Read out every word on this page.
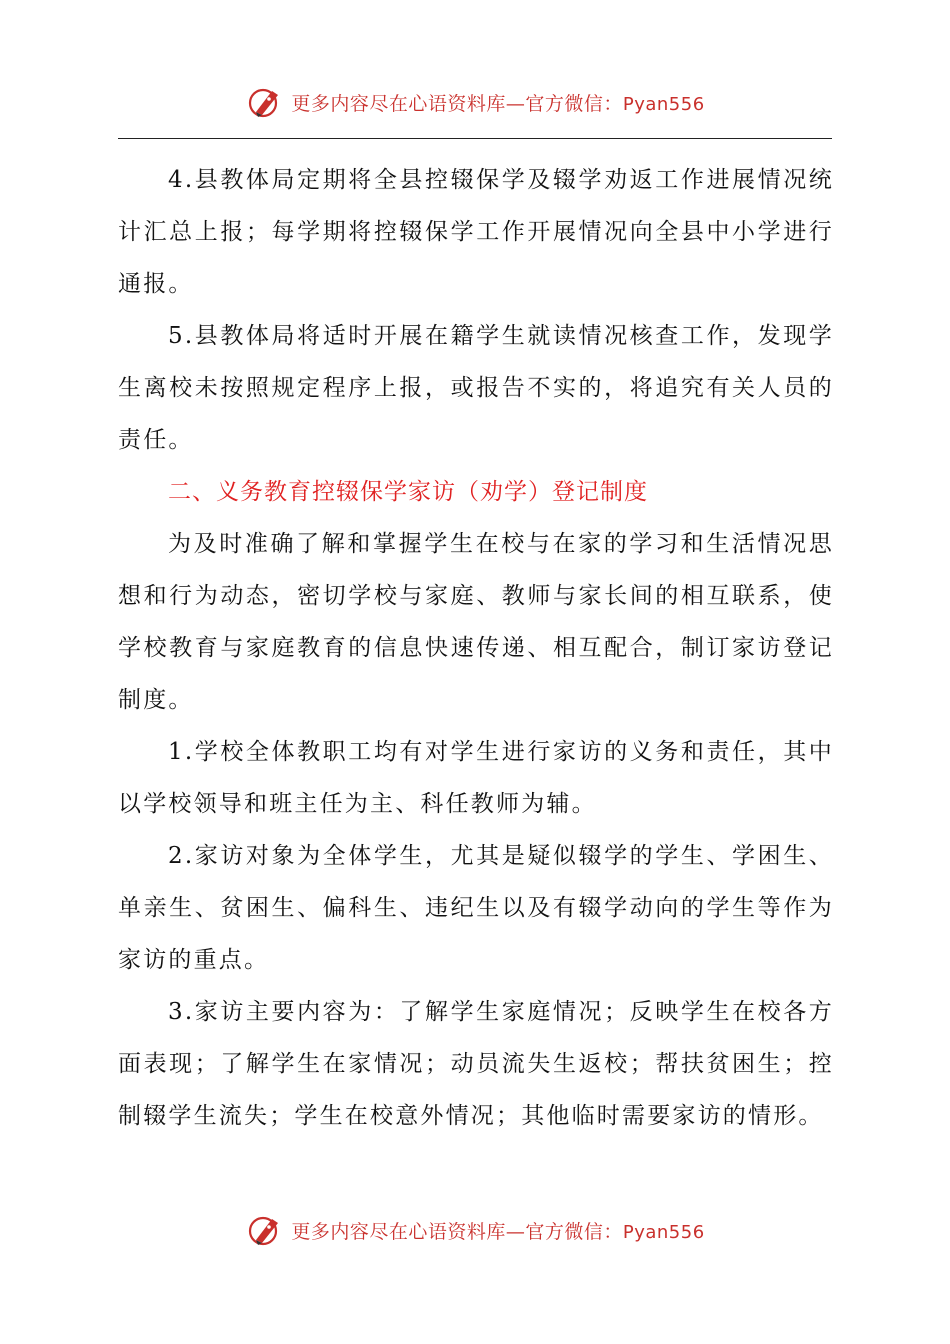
更多内容尽在心语资料库—官方微信：Pyan556

4.县教体局定期将全县控辍保学及辍学劝返工作进展情况统计汇总上报；每学期将控辍保学工作开展情况向全县中小学进行通报。

5.县教体局将适时开展在籍学生就读情况核查工作，发现学生离校未按照规定程序上报，或报告不实的，将追究有关人员的责任。

二、义务教育控辍保学家访（劝学）登记制度

为及时准确了解和掌握学生在校与在家的学习和生活情况思想和行为动态，密切学校与家庭、教师与家长间的相互联系，使学校教育与家庭教育的信息快速传递、相互配合，制订家访登记制度。

1.学校全体教职工均有对学生进行家访的义务和责任，其中以学校领导和班主任为主、科任教师为辅。

2.家访对象为全体学生，尤其是疑似辍学的学生、学困生、单亲生、贫困生、偏科生、违纪生以及有辍学动向的学生等作为家访的重点。

3.家访主要内容为：了解学生家庭情况；反映学生在校各方面表现；了解学生在家情况；动员流失生返校；帮扶贫困生；控制辍学生流失；学生在校意外情况；其他临时需要家访的情形。

更多内容尽在心语资料库—官方微信：Pyan556
